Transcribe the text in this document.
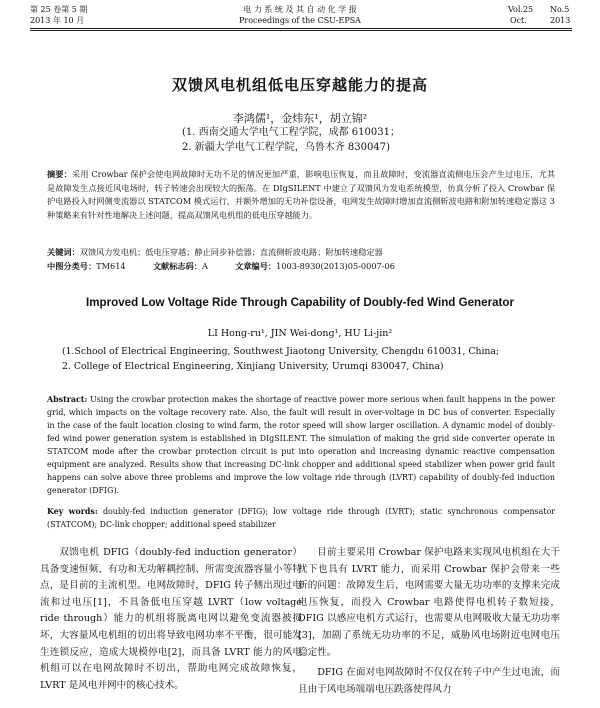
第 25 卷第 5 期
2013 年 10 月
电 力 系 统 及 其 自 动 化 学 报
Proceedings of the CSU-EPSA
Vol.25 No.5
Oct.	2013
双馈风电机组低电压穿越能力的提高
李鸿儒¹，金炜东¹，胡立锦²
(1. 西南交通大学电气工程学院，成都 610031；
2. 新疆大学电气工程学院，乌鲁木齐 830047)
摘要：采用 Crowbar 保护会使电网故障时无功不足的情况更加严重，影响电压恢复，而且故障时，变流器直流侧电压会产生过电压，尤其是故障发生点接近风电场时，转子转速会出现较大的振荡。在 DIgSILENT 中建立了双馈风力发电系统模型，仿真分析了投入 Crowbar 保护电路投入时网侧变流器以 STATCOM 模式运行，并额外增加的无功补偿设备，电网发生故障时增加直流侧斩波电路和附加转速稳定器这 3 种策略来有针对性地解决上述问题，提高双馈风电机组的低电压穿越能力。
关键词：双馈风力发电机；低电压穿越；静止同步补偿器；直流侧斩波电路；附加转速稳定器
中图分类号：TM614	文献标志码：A	文章编号：1003-8930(2013)05-0007-06
Improved Low Voltage Ride Through Capability of Doubly-fed Wind Generator
LI Hong-ru¹, JIN Wei-dong¹, HU Li-jin²
(1.School of Electrical Engineering, Southwest Jiaotong University, Chengdu 610031, China;
2. College of Electrical Engineering, Xinjiang University, Urumqi 830047, China)
Abstract: Using the crowbar protection makes the shortage of reactive power more serious when fault happens in the power grid, which impacts on the voltage recovery rate. Also, the fault will result in over-voltage in DC bus of converter. Especially in the case of the fault location closing to wind farm, the rotor speed will show larger oscillation. A dynamic model of doubly-fed wind power generation system is established in DIgSILENT. The simulation of making the grid side converter operate in STATCOM mode after the crowbar protection circuit is put into operation and increasing dynamic reactive compensation equipment are analyzed. Results show that increasing DC-link chopper and additional speed stabilizer when power grid fault happens can solve above three problems and improve the low voltage ride through (LVRT) capability of doubly-fed induction generator (DFIG).
Key words: doubly-fed induction generator (DFIG); low voltage ride through (LVRT); static synchronous compensator (STATCOM); DC-link chopper; additional speed stabilizer

双馈电机 DFIG（doubly-fed induction generator）具备变速恒频、有功和无功解耦控制、所需变流器容量小等特点，是目前的主流机型。电网故障时，DFIG 转子侧出现过电流和过电压[1]，不具备低电压穿越 LVRT（low voltage ride through）能力的机组将脱离电网以避免变流器被损坏，大容量风电机组的切出将导致电网功率不平衡，很可能发生连锁反应，造成大规模停电[2]，而具备 LVRT 能力的风电机组可以在电网故障时不切出，帮助电网完成故障恢复，LVRT 是风电并网中的核心技术。

目前主要采用 Crowbar 保护电路来实现风电机组在大干扰下也具有 LVRT 能力，而采用 Crowbar 保护会带来一些新的问题：故障发生后，电网需要大量无功功率的支撑来完成电压恢复，而投入 Crowbar 电路使得电机转子数短接，DFIG 以感应电机方式运行，也需要从电网吸收大量无功功率[3]，加剧了系统无功功率的不足，威胁风电场附近电网电压稳定性。

DFIG 在面对电网故障时不仅仅在转子中产生过电流，而且由于风电场端端电压跌落使得风力
